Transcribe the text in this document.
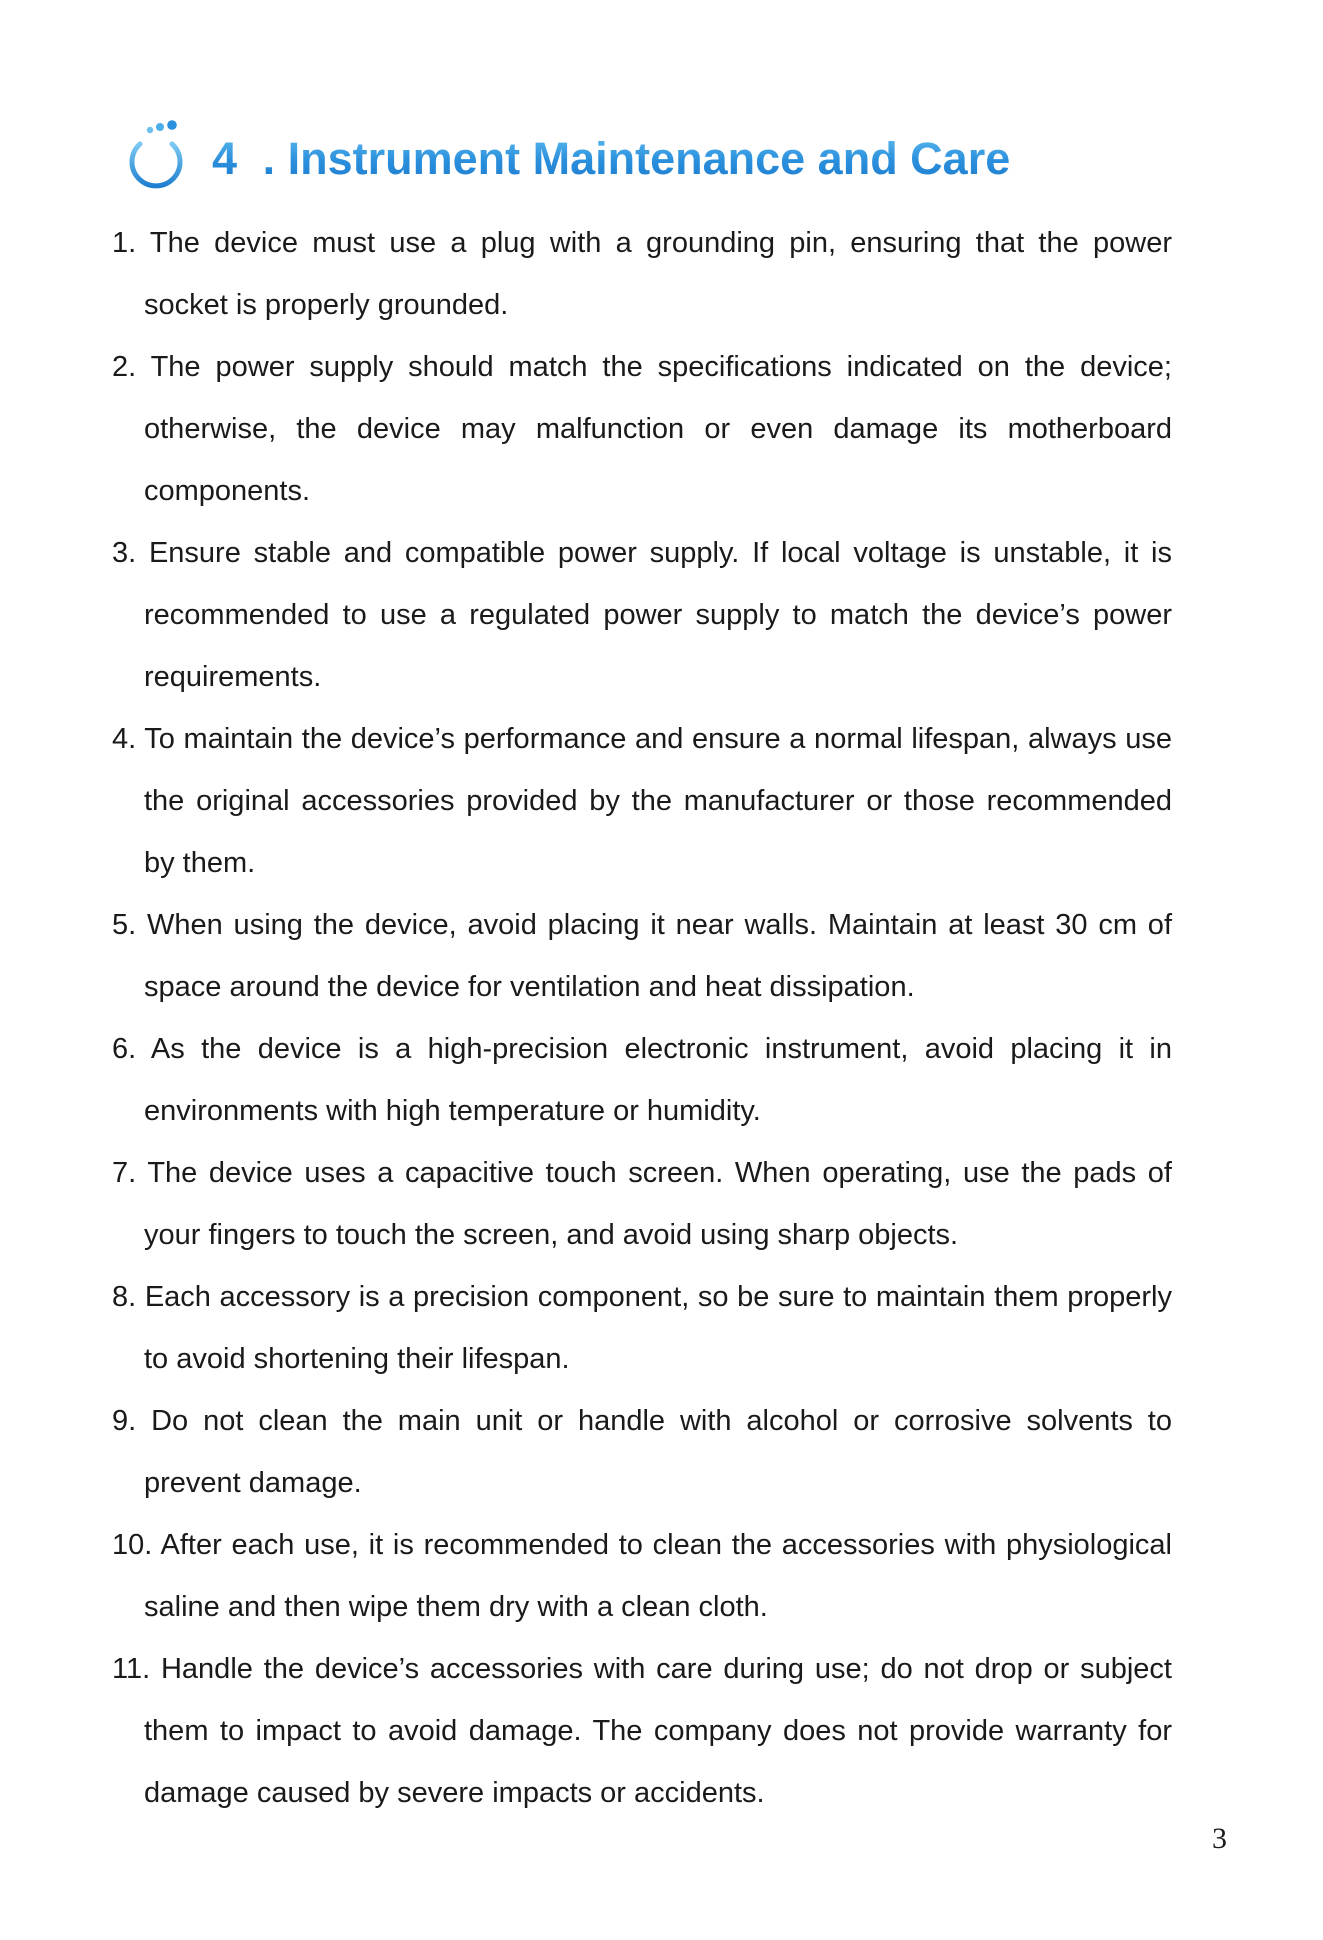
4th. Instrument Maintenance and Care
1. The device must use a plug with a grounding pin, ensuring that the power socket is properly grounded.
2. The power supply should match the specifications indicated on the device; otherwise, the device may malfunction or even damage its motherboard components.
3. Ensure stable and compatible power supply. If local voltage is unstable, it is recommended to use a regulated power supply to match the device’s power requirements.
4. To maintain the device’s performance and ensure a normal lifespan, always use the original accessories provided by the manufacturer or those recommended by them.
5. When using the device, avoid placing it near walls. Maintain at least 30 cm of space around the device for ventilation and heat dissipation.
6. As the device is a high-precision electronic instrument, avoid placing it in environments with high temperature or humidity.
7. The device uses a capacitive touch screen. When operating, use the pads of your fingers to touch the screen, and avoid using sharp objects.
8. Each accessory is a precision component, so be sure to maintain them properly to avoid shortening their lifespan.
9. Do not clean the main unit or handle with alcohol or corrosive solvents to prevent damage.
10. After each use, it is recommended to clean the accessories with physiological saline and then wipe them dry with a clean cloth.
11. Handle the device’s accessories with care during use; do not drop or subject them to impact to avoid damage. The company does not provide warranty for damage caused by severe impacts or accidents.
3
